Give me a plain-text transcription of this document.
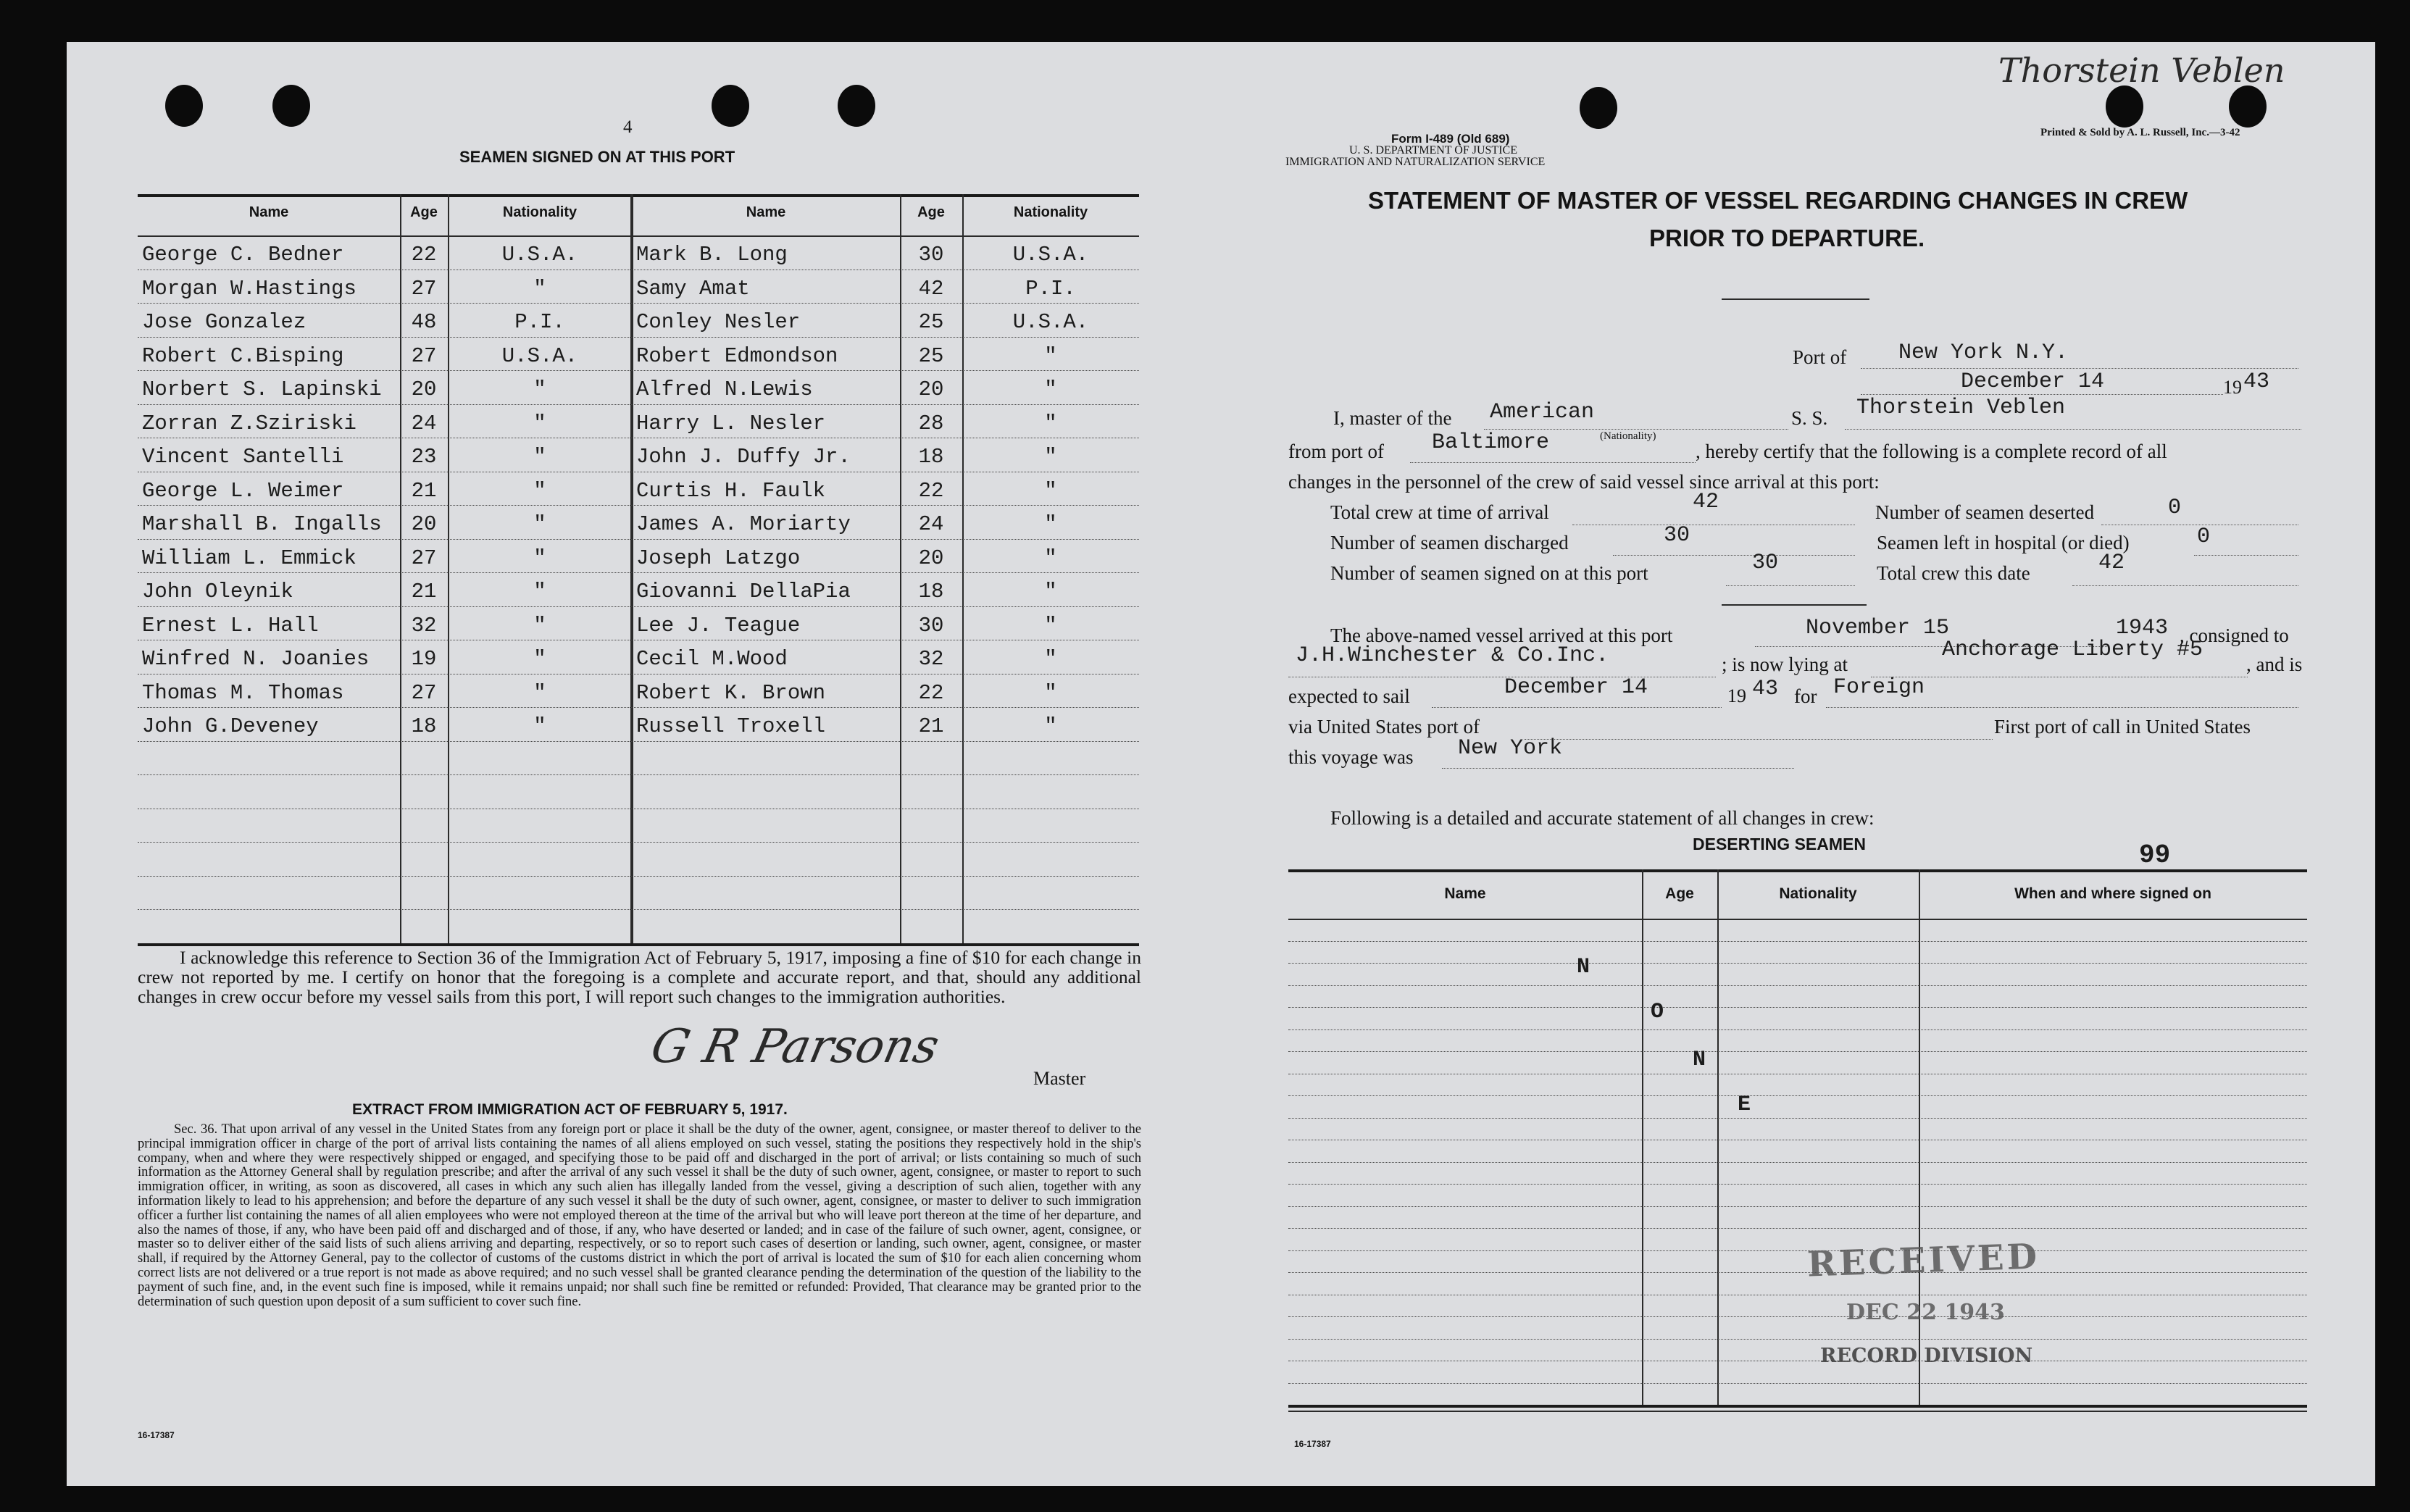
4
SEAMEN SIGNED ON AT THIS PORT
Name	Age	Nationality	Name	Age	Nationality
George C. Bedner	22	U.S.A.	Mark B. Long	30	U.S.A.
Morgan W.Hastings	27	"	Samy Amat	42	P.I.
Jose Gonzalez	48	P.I.	Conley Nesler	25	U.S.A.
Robert C.Bisping	27	U.S.A.	Robert Edmondson	25	"
Norbert S. Lapinski	20	"	Alfred N.Lewis	20	"
Zorran Z.Sziriski	24	"	Harry L. Nesler	28	"
Vincent Santelli	23	"	John J. Duffy Jr.	18	"
George L. Weimer	21	"	Curtis H. Faulk	22	"
Marshall B. Ingalls	20	"	James A. Moriarty	24	"
William L. Emmick	27	"	Joseph Latzgo	20	"
John Oleynik	21	"	Giovanni DellaPia	18	"
Ernest L. Hall	32	"	Lee J. Teague	30	"
Winfred N. Joanies	19	"	Cecil M.Wood	32	"
Thomas M. Thomas	27	"	Robert K. Brown	22	"
John G.Deveney	18	"	Russell Troxell	21	"
I acknowledge this reference to Section 36 of the Immigration Act of February 5, 1917, imposing a fine of $10 for each change in crew not reported by me. I certify on honor that the foregoing is a complete and accurate report, and that, should any additional changes in crew occur before my vessel sails from this port, I will report such changes to the immigration authorities.
G R Parsons
Master
EXTRACT FROM IMMIGRATION ACT OF FEBRUARY 5, 1917.
Sec. 36. That upon arrival of any vessel in the United States from any foreign port or place it shall be the duty of the owner, agent, consignee, or master thereof to deliver to the principal immigration officer in charge of the port of arrival lists containing the names of all aliens employed on such vessel, stating the positions they respectively hold in the ship's company, when and where they were respectively shipped or engaged, and specifying those to be paid off and discharged in the port of arrival; or lists containing so much of such information as the Attorney General shall by regulation prescribe; and after the arrival of any such vessel it shall be the duty of such owner, agent, consignee, or master to report to such immigration officer, in writing, as soon as discovered, all cases in which any such alien has illegally landed from the vessel, giving a description of such alien, together with any information likely to lead to his apprehension; and before the departure of any such vessel it shall be the duty of such owner, agent, consignee, or master to deliver to such immigration officer a further list containing the names of all alien employees who were not employed thereon at the time of the arrival but who will leave port thereon at the time of her departure, and also the names of those, if any, who have been paid off and discharged and of those, if any, who have deserted or landed; and in case of the failure of such owner, agent, consignee, or master so to deliver either of the said lists of such aliens arriving and departing, respectively, or so to report such cases of desertion or landing, such owner, agent, consignee, or master shall, if required by the Attorney General, pay to the collector of customs of the customs district in which the port of arrival is located the sum of $10 for each alien concerning whom correct lists are not delivered or a true report is not made as above required; and no such vessel shall be granted clearance pending the determination of the question of the liability to the payment of such fine, and, in the event such fine is imposed, while it remains unpaid; nor shall such fine be remitted or refunded: Provided, That clearance may be granted prior to the determination of such question upon deposit of a sum sufficient to cover such fine.
16-17387
Form I-489 (Old 689)
U. S. DEPARTMENT OF JUSTICE
IMMIGRATION AND NATURALIZATION SERVICE
Printed & Sold by A. L. Russell, Inc.—3-42
Thorstein Veblen
STATEMENT OF MASTER OF VESSEL REGARDING CHANGES IN CREW
PRIOR TO DEPARTURE.
Port of New York N.Y.
December 14	19 43
I, master of the American	S. S. Thorstein Veblen
from port of Baltimore	(Nationality)
, hereby certify that the following is a complete record of all
changes in the personnel of the crew of said vessel since arrival at this port:
Total crew at time of arrival	42	Number of seamen deserted	0
Number of seamen discharged	30	Seamen left in hospital (or died)	0
Number of seamen signed on at this port	30	Total crew this date	42
The above-named vessel arrived at this port	November 15	1943 , consigned to
J.H.Winchester & Co.Inc.	; is now lying at
Anchorage Liberty #5
, and is
expected to sail	December 14	19 43 for Foreign
via United States port of	First port of call in United States
this voyage was New York
Following is a detailed and accurate statement of all changes in crew:
DESERTING SEAMEN	99
Name	Age	Nationality	When and where signed on
N
O
N
E
RECEIVED
DEC 22 1943
RECORD DIVISION
16-17387
